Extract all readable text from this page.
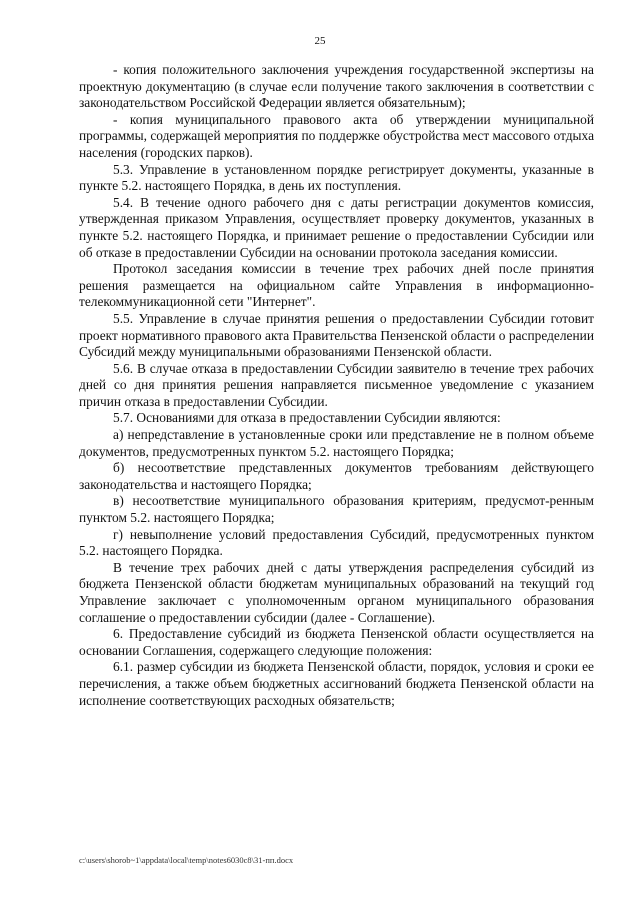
25

- копия положительного заключения учреждения государственной экспертизы на проектную документацию (в случае если получение такого заключения в соответствии с законодательством Российской Федерации является обязательным);

- копия муниципального правового акта об утверждении муниципальной программы, содержащей мероприятия по поддержке обустройства мест массового отдыха населения (городских парков).

5.3. Управление в установленном порядке регистрирует документы, указанные в пункте 5.2. настоящего Порядка, в день их поступления.

5.4. В течение одного рабочего дня с даты регистрации документов комиссия, утвержденная приказом Управления, осуществляет проверку документов, указанных в пункте 5.2. настоящего Порядка, и принимает решение о предоставлении Субсидии или об отказе в предоставлении Субсидии на основании протокола заседания комиссии.

Протокол заседания комиссии в течение трех рабочих дней после принятия решения размещается на официальном сайте Управления в информационно-телекоммуникационной сети "Интернет".

5.5. Управление в случае принятия решения о предоставлении Субсидии готовит проект нормативного правового акта Правительства Пензенской области о распределении Субсидий между муниципальными образованиями Пензенской области.

5.6. В случае отказа в предоставлении Субсидии заявителю в течение трех рабочих дней со дня принятия решения направляется письменное уведомление с указанием причин отказа в предоставлении Субсидии.

5.7. Основаниями для отказа в предоставлении Субсидии являются:

а) непредставление в установленные сроки или представление не в полном объеме документов, предусмотренных пунктом 5.2. настоящего Порядка;

б) несоответствие представленных документов требованиям действующего законодательства и настоящего Порядка;

в) несоответствие муниципального образования критериям, предусмот-ренным пунктом 5.2. настоящего Порядка;

г) невыполнение условий предоставления Субсидий, предусмотренных пунктом 5.2. настоящего Порядка.

В течение трех рабочих дней с даты утверждения распределения субсидий из бюджета Пензенской области бюджетам муниципальных образований на текущий год Управление заключает с уполномоченным органом муниципального образования соглашение о предоставлении субсидии (далее - Соглашение).

6. Предоставление субсидий из бюджета Пензенской области осуществляется на основании Соглашения, содержащего следующие положения:

6.1. размер субсидии из бюджета Пензенской области, порядок, условия и сроки ее перечисления, а также объем бюджетных ассигнований бюджета Пензенской области на исполнение соответствующих расходных обязательств;

c:\users\shorob~1\appdata\local\temp\notes6030c8\31-пп.docx
